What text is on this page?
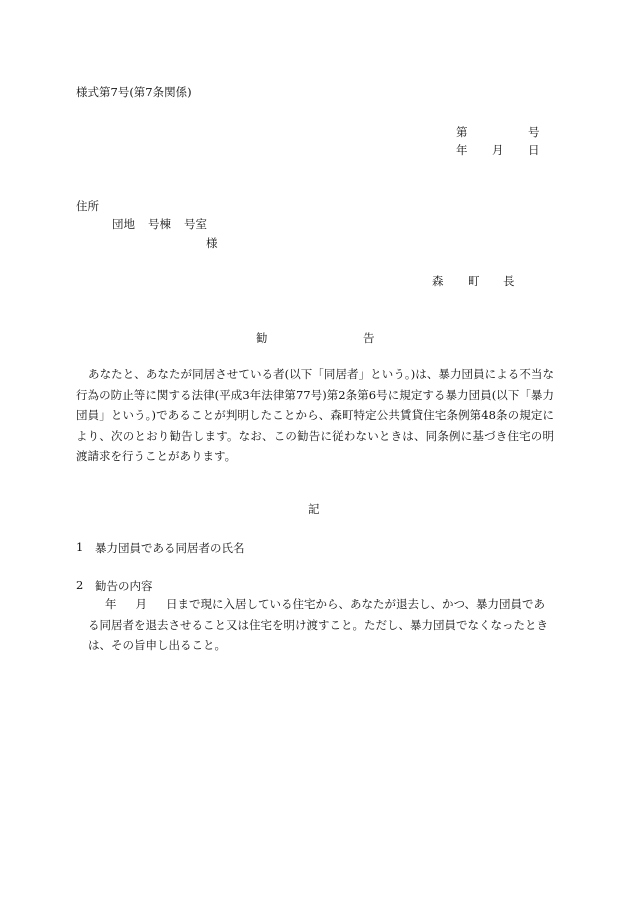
様式第7号(第7条関係)
第	号
年 月 日
住所
団地 号棟 号室
様
森 町 長
勧	告
あなたと、あなたが同居させている者(以下「同居者」という。)は、暴力団員による不当な行為の防止等に関する法律(平成3年法律第77号)第2条第6号に規定する暴力団員(以下「暴力団員」という。)であることが判明したことから、森町特定公共賃貸住宅条例第48条の規定により、次のとおり勧告します。なお、この勧告に従わないときは、同条例に基づき住宅の明渡請求を行うことがあります。
記
1 暴力団員である同居者の氏名
2 勧告の内容
年 月 日まで現に入居している住宅から、あなたが退去し、かつ、暴力団員である同居者を退去させること又は住宅を明け渡すこと。ただし、暴力団員でなくなったときは、その旨申し出ること。
